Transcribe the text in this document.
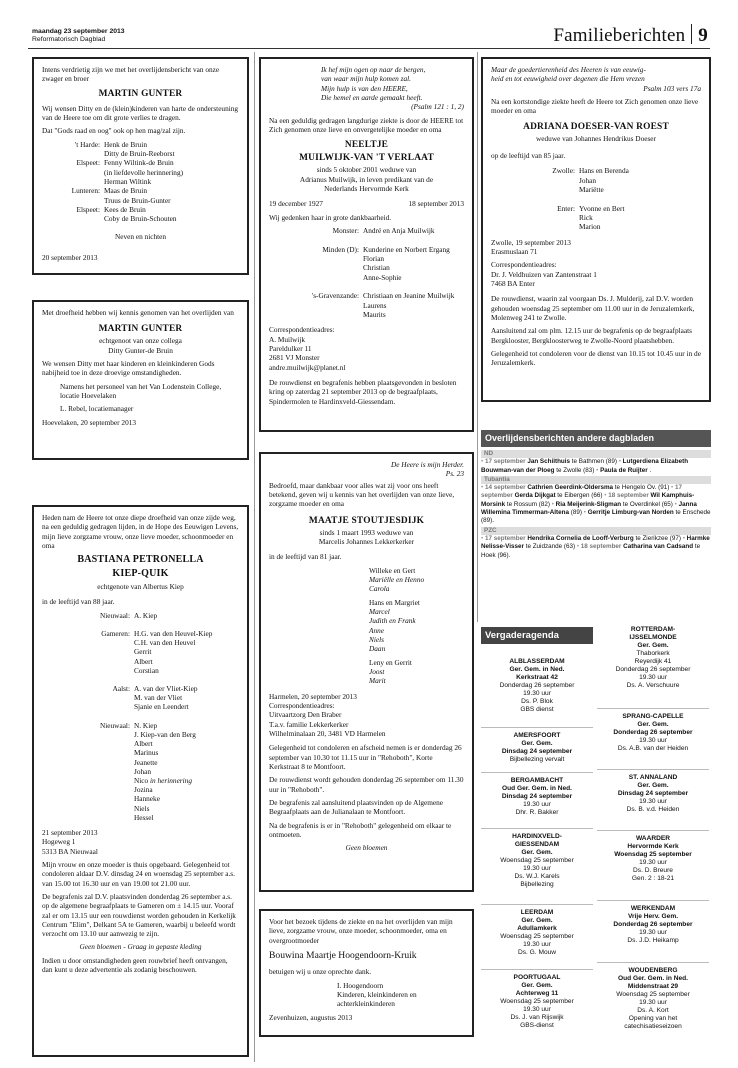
maandag 23 september 2013
Reformatorisch Dagblad	Familieberichten 9

Intens verdrietig zijn we met het overlijdensbericht van onze zwager en broer

MARTIN GUNTER

Wij wensen Ditty en de (klein)kinderen van harte de ondersteuning van de Heere toe om dit grote verlies te dragen.

Dat "Gods raad en oog" ook op hen mag/zal zijn.

't Harde: Henk de Bruin
Ditty de Bruin-Reeborst
Elspeet: Fenny Wiltink-de Bruin
(in liefdevolle herinnering)
Herman Wiltink
Lunteren: Maas de Bruin
Truus de Bruin-Gunter
Elspeet: Kees de Bruin
Coby de Bruin-Schouten
Neven en nichten
20 september 2013

Met droefheid hebben wij kennis genomen van het overlijden van

MARTIN GUNTER
echtgenoot van onze collega
Ditty Gunter-de Bruin

We wensen Ditty met haar kinderen en kleinkinderen Gods nabijheid toe in deze droevige omstandigheden.

Namens het personeel van het Van Lodenstein College, locatie Hoevelaken

L. Rebel, locatiemanager

Hoevelaken, 20 september 2013

Heden nam de Heere tot onze diepe droefheid van onze zijde weg, na een geduldig gedragen lijden, in de Hope des Eeuwigen Levens, mijn lieve zorgzame vrouw, onze lieve moeder, schoonmoeder en oma

BASTIANA PETRONELLA
KIEP-QUIK
echtgenote van Albertus Kiep

in de leeftijd van 88 jaar.

Nieuwaal: A. Kiep

Gameren: H.G. van den Heuvel-Kiep
C.H. van den Heuvel
Gerrit
Albert
Corstian

Aalst: A. van der Vliet-Kiep
M. van der Vliet
Sjanie en Leendert

Nieuwaal: N. Kiep
J. Kiep-van den Berg
Albert
Marinus
Jeanette
Johan
Nico in herinnering
Jozina
Hanneke
Niels
Hessel
21 september 2013
Hogeweg 1
5313 BA Nieuwaal

Mijn vrouw en onze moeder is thuis opgebaard. Gelegenheid tot condoleren aldaar D.V. dinsdag 24 en woensdag 25 september a.s. van 15.00 tot 16.30 uur en van 19.00 tot 21.00 uur.

De begrafenis zal D.V. plaatsvinden donderdag 26 september a.s. op de algemene begraafplaats te Gameren om ± 14.15 uur. Vooraf zal er om 13.15 uur een rouwdienst worden gehouden in Kerkelijk Centrum "Elim", Delkant 5A te Gameren, waarbij u beleefd wordt verzocht om 13.10 uur aanwezig te zijn.

Geen bloemen - Graag in gepaste kleding

Indien u door omstandigheden geen rouwbrief heeft ontvangen, dan kunt u deze advertentie als zodanig beschouwen.

Ik hef mijn ogen op naar de bergen,
van waar mijn hulp komen zal.
Mijn hulp is van den HEERE,
Die hemel en aarde gemaakt heeft.
(Psalm 121 : 1, 2)

Na een geduldig gedragen langdurige ziekte is door de HEERE tot Zich genomen onze lieve en onvergetelijke moeder en oma

NEELTJE
MUILWIJK-VAN 'T VERLAAT
sinds 5 oktober 2001 weduwe van
Adrianus Muilwijk, in leven predikant van de
Nederlands Hervormde Kerk
19 december 1927	18 september 2013

Wij gedenken haar in grote dankbaarheid.

Monster: André en Anja Muilwijk

Minden (D): Kunderine en Norbert Ergang
Florian
Christian
Anne-Sophie

's-Gravenzande: Christiaan en Jeanine Muilwijk
Laurens
Maurits
Correspondentieadres:
A. Muilwijk
Pareldulker 11
2681 VJ Monster
andre.muilwijk@planet.nl

De rouwdienst en begrafenis hebben plaatsgevonden in besloten kring op zaterdag 21 september 2013 op de begraafplaats, Spindermolen te Hardinxveld-Giessendam.

De Heere is mijn Herder.
Ps. 23

Bedroefd, maar dankbaar voor alles wat zij voor ons heeft betekend, geven wij u kennis van het overlijden van onze lieve, zorgzame moeder en oma

MAATJE STOUTJESDIJK
sinds 1 maart 1993 weduwe van
Marcelis Johannes Lekkerkerker

in de leeftijd van 81 jaar.

Willeke en Gert
Mariëlle en Henno
Carola
Hans en Margriet
Marcel
Judith en Frank
Anne
Niels
Daan
Leny en Gerrit
Joost
Marit
Harmelen, 20 september 2013
Correspondentieadres:
Uitvaartzorg Den Braber
T.a.v. familie Lekkerkerker
Wilhelminalaan 20, 3481 VD Harmelen

Gelegenheid tot condoleren en afscheid nemen is er donderdag 26 september van 10.30 tot 11.15 uur in "Rehoboth", Korte Kerkstraat 8 te Montfoort.

De rouwdienst wordt gehouden donderdag 26 september om 11.30 uur in "Rehoboth".

De begrafenis zal aansluitend plaatsvinden op de Algemene Begraafplaats aan de Julianalaan te Montfoort.

Na de begrafenis is er in "Rehoboth" gelegenheid om elkaar te ontmoeten.

Geen bloemen

Voor het bezoek tijdens de ziekte en na het overlijden van mijn lieve, zorgzame vrouw, onze moeder, schoonmoeder, oma en overgrootmoeder

Bouwina Maartje Hoogendoorn-Kruik

betuigen wij u onze oprechte dank.

I. Hoogendoorn
Kinderen, kleinkinderen en
achterkleinkinderen
Zevenhuizen, augustus 2013
Maar de goedertierenheid des Heeren is van eeuwig-
heid en tot eeuwigheid over degenen die Hem vrezen
Psalm 103 vers 17a

Na een kortstondige ziekte heeft de Heere tot Zich genomen onze lieve moeder en oma

ADRIANA DOESER-VAN ROEST
weduwe van Johannes Hendrikus Doeser

op de leeftijd van 85 jaar.

Zwolle: Hans en Berenda
Johan
Mariëtte

Enter: Yvonne en Bert
Rick
Marion
Zwolle, 19 september 2013
Erasmuslaan 71
Correspondentieadres:
Dr. J. Veldhuizen van Zantenstraat 1
7468 BA Enter

De rouwdienst, waarin zal voorgaan Ds. J. Mulderij, zal D.V. worden gehouden woensdag 25 september om 11.00 uur in de Jeruzalemkerk, Molenweg 241 te Zwolle.

Aansluitend zal om plm. 12.15 uur de begrafenis op de begraafplaats Bergklooster, Bergkloosterweg te Zwolle-Noord plaatshebben.

Gelegenheid tot condoleren voor de dienst van 10.15 tot 10.45 uur in de Jeruzalemkerk.

Overlijdensberichten andere dagbladen
ND
• 17 september Jan Schilthuis te Bathmen (89) • Lutgerdiena Elizabeth Bouwman-van der Ploeg te Zwolle (83) • Paula de Ruijter .
Tubantia
• 14 september Cathrien Geerdink-Oldersma te Hengelo Ov. (91) • 17 september Gerda Dijkgat te Eibergen (66) • 18 september Wil Kamphuis-Morsink te Rossum (82) • Ria Meijerink-Sligman te Overdinkel (65) • Janna Willemina Timmerman-Altena (89) • Gerritje Limburg-van Norden te Enschede (89).
PZC
• 17 september Hendrika Cornelia de Looff-Verburg te Zierikzee (97) • Harmke Nelisse-Visser te Zuidzande (63) • 18 september Catharina van Cadsand te Hoek (96).
Vergaderagenda
ALBLASSERDAM
Ger. Gem. in Ned.
Kerkstraat 42
Donderdag 26 september
19.30 uur
Ds. P. Blok
GBS dienst
AMERSFOORT
Ger. Gem.
Dinsdag 24 september
Bijbellezing vervalt
BERGAMBACHT
Oud Ger. Gem. in Ned.
Dinsdag 24 september
19.30 uur
Dhr. R. Bakker
HARDINXVELD-
GIESSENDAM
Ger. Gem.
Woensdag 25 september
19.30 uur
Ds. W.J. Karels
Bijbellezing
LEERDAM
Ger. Gem.
Adullamkerk
Woensdag 25 september
19.30 uur
Ds. G. Mouw
POORTUGAAL
Ger. Gem.
Achterweg 11
Woensdag 25 september
19.30 uur
Ds. J. van Rijswijk
GBS-dienst
ROTTERDAM-
IJSSELMONDE
Ger. Gem.
Thaborkerk
Reyerdijk 41
Donderdag 26 september
19.30 uur
Ds. A. Verschuure
SPRANG-CAPELLE
Ger. Gem.
Donderdag 26 september
19.30 uur
Ds. A.B. van der Heiden
ST. ANNALAND
Ger. Gem.
Dinsdag 24 september
19.30 uur
Ds. B. v.d. Heiden
WAARDER
Hervormde Kerk
Woensdag 25 september
19.30 uur
Ds. D. Breure
Gen. 2 : 18-21
WERKENDAM
Vrije Herv. Gem.
Donderdag 26 september
19.30 uur
Ds. J.D. Heikamp
WOUDENBERG
Oud Ger. Gem. in Ned.
Middenstraat 29
Woensdag 25 september
19.30 uur
Ds. A. Kort
Opening van het
catechisatieseizoen
